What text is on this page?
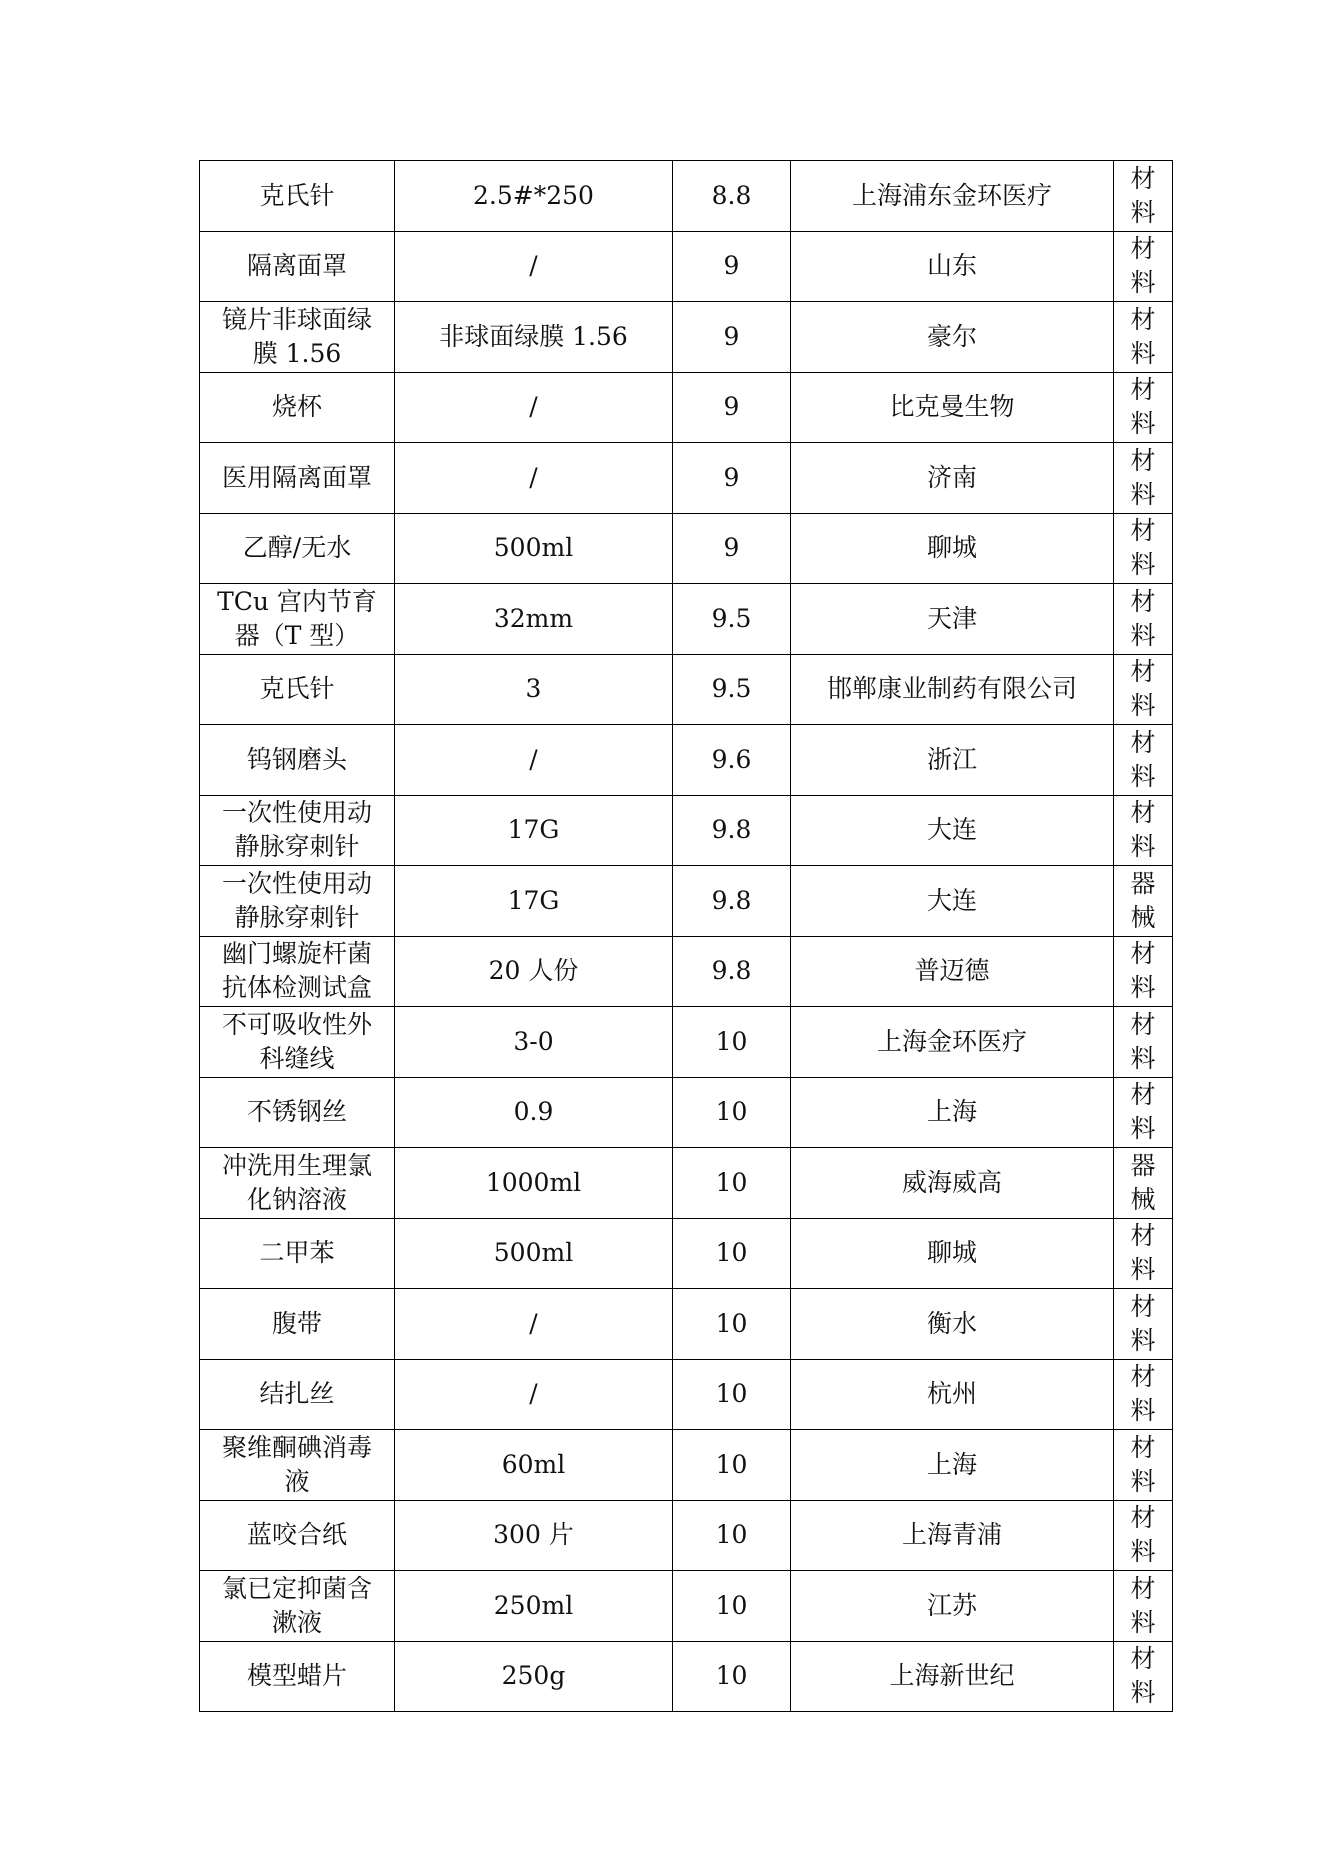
克氏针	2.5#*250	8.8	上海浦东金环医疗	材料
隔离面罩	/	9	山东	材料
镜片非球面绿膜 1.56	非球面绿膜 1.56	9	豪尔	材料
烧杯	/	9	比克曼生物	材料
医用隔离面罩	/	9	济南	材料
乙醇/无水	500ml	9	聊城	材料
TCu 宫内节育器（T 型）	32mm	9.5	天津	材料
克氏针	3	9.5	邯郸康业制药有限公司	材料
钨钢磨头	/	9.6	浙江	材料
一次性使用动静脉穿刺针	17G	9.8	大连	材料
一次性使用动静脉穿刺针	17G	9.8	大连	器械
幽门螺旋杆菌抗体检测试盒	20 人份	9.8	普迈德	材料
不可吸收性外科缝线	3-0	10	上海金环医疗	材料
不锈钢丝	0.9	10	上海	材料
冲洗用生理氯化钠溶液	1000ml	10	威海威高	器械
二甲苯	500ml	10	聊城	材料
腹带	/	10	衡水	材料
结扎丝	/	10	杭州	材料
聚维酮碘消毒液	60ml	10	上海	材料
蓝咬合纸	300 片	10	上海青浦	材料
氯已定抑菌含漱液	250ml	10	江苏	材料
模型蜡片	250g	10	上海新世纪	材料
